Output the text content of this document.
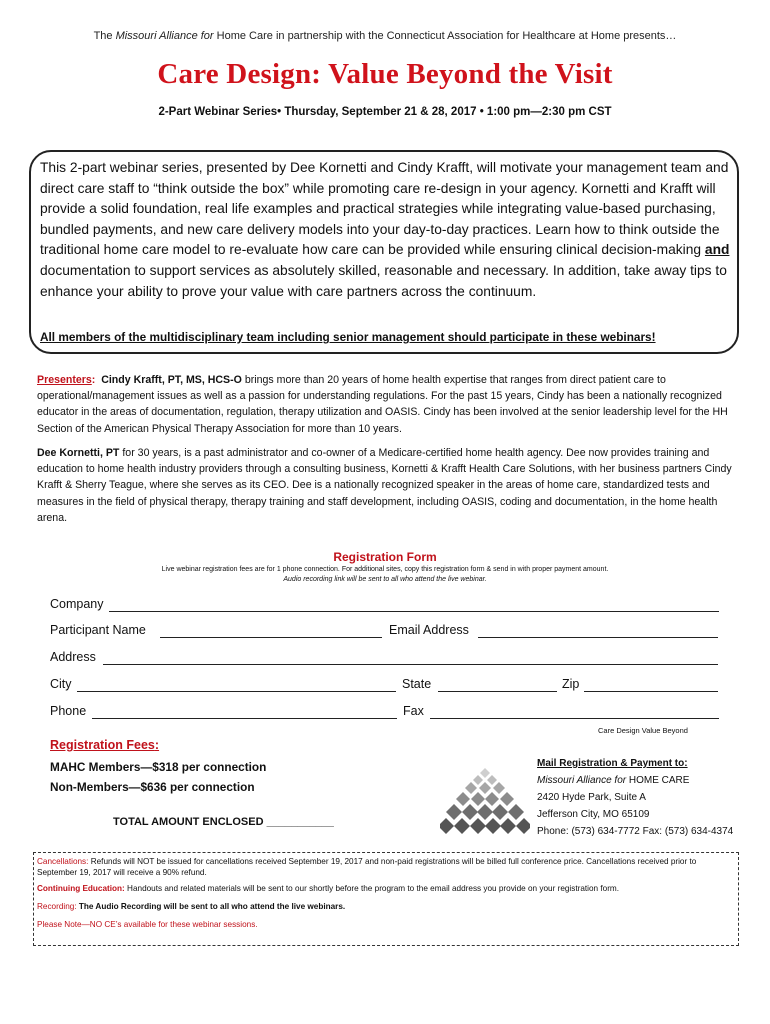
The Missouri Alliance for Home Care in partnership with the Connecticut Association for Healthcare at Home presents…
Care Design: Value Beyond the Visit
2-Part Webinar Series• Thursday, September 21 & 28, 2017 • 1:00 pm—2:30 pm CST
This 2-part webinar series, presented by Dee Kornetti and Cindy Krafft, will motivate your management team and direct care staff to “think outside the box” while promoting care re-design in your agency. Kornetti and Krafft will provide a solid foundation, real life examples and practical strategies while integrating value-based purchasing, bundled payments, and new care delivery models into your day-to-day practices. Learn how to think outside the traditional home care model to re-evaluate how care can be provided while ensuring clinical decision-making and documentation to support services as absolutely skilled, reasonable and necessary. In addition, take away tips to enhance your ability to prove your value with care partners across the continuum.
All members of the multidisciplinary team including senior management should participate in these webinars!
Presenters: Cindy Krafft, PT, MS, HCS-O brings more than 20 years of home health expertise that ranges from direct patient care to operational/management issues as well as a passion for understanding regulations. For the past 15 years, Cindy has been a nationally recognized educator in the areas of documentation, regulation, therapy utilization and OASIS. Cindy has been involved at the senior leadership level for the HH Section of the American Physical Therapy Association for more than 10 years.
Dee Kornetti, PT for 30 years, is a past administrator and co-owner of a Medicare-certified home health agency. Dee now provides training and education to home health industry providers through a consulting business, Kornetti & Krafft Health Care Solutions, with her business partners Cindy Krafft & Sherry Teague, where she serves as its CEO. Dee is a nationally recognized speaker in the areas of home care, standardized tests and measures in the field of physical therapy, therapy training and staff development, including OASIS, coding and documentation, in the home health arena.
Registration Form
Live webinar registration fees are for 1 phone connection. For additional sites, copy this registration form & send in with proper payment amount.
Audio recording link will be sent to all who attend the live webinar.
Company
Participant Name	Email Address
Address
City	State	Zip
Phone	Fax
Care Design Value Beyond
Registration Fees:
MAHC Members—$318 per connection
Non-Members—$636 per connection
TOTAL AMOUNT ENCLOSED ___________
Mail Registration & Payment to:
Missouri Alliance for HOME CARE
2420 Hyde Park, Suite A
Jefferson City, MO 65109
Phone: (573) 634-7772 Fax: (573) 634-4374
Cancellations: Refunds will NOT be issued for cancellations received September 19, 2017 and non-paid registrations will be billed full conference price. Cancellations received prior to September 19, 2017 will receive a 90% refund.
Continuing Education: Handouts and related materials will be sent to our shortly before the program to the email address you provide on your registration form.
Recording: The Audio Recording will be sent to all who attend the live webinars.
Please Note—NO CE’s available for these webinar sessions.
